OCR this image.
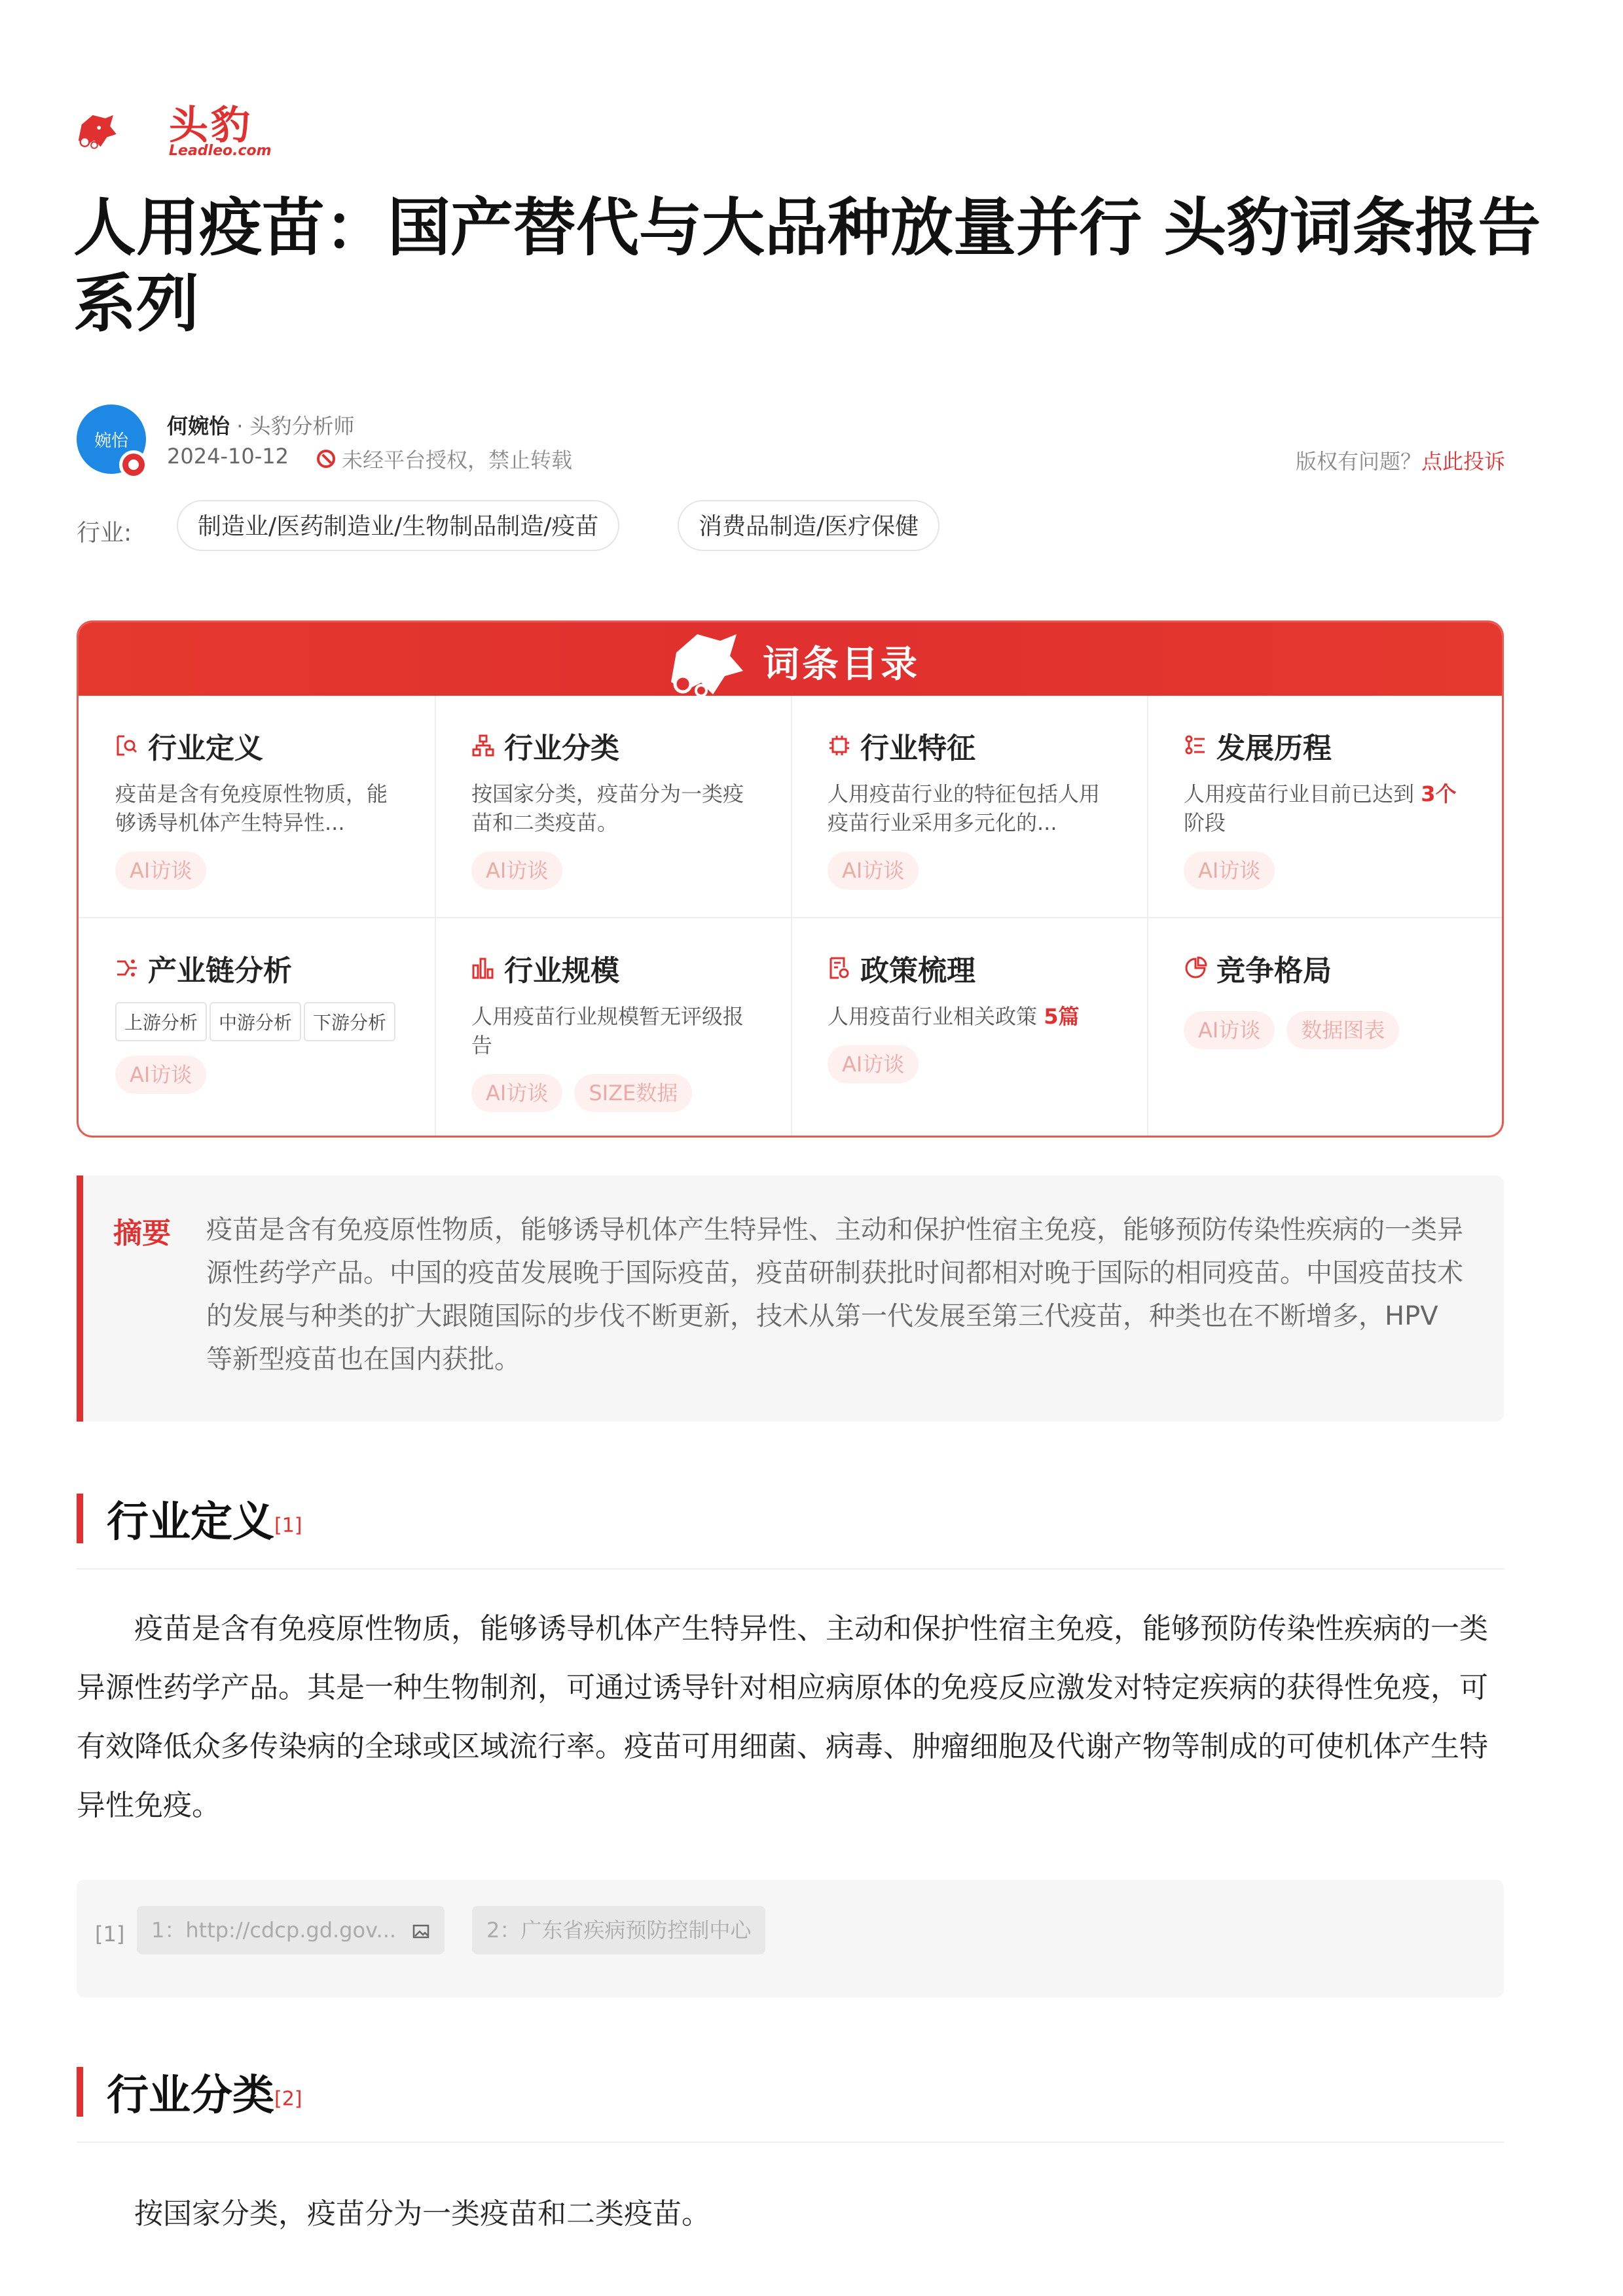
头豹
Leadleo.com
人用疫苗：国产替代与大品种放量并行 头豹词条报告系列
婉怡
何婉怡 · 头豹分析师
2024-10-12	未经平台授权，禁止转载	版权有问题？点此投诉
行业:	制造业/医药制造业/生物制品制造/疫苗	消费品制造/医疗保健
词条目录
行业定义
疫苗是含有免疫原性物质，能够诱导机体产生特异性...
AI访谈
行业分类
按国家分类，疫苗分为一类疫苗和二类疫苗。
AI访谈
行业特征
人用疫苗行业的特征包括人用疫苗行业采用多元化的...
AI访谈
发展历程
人用疫苗行业目前已达到 3个阶段
AI访谈
产业链分析
上游分析 中游分析 下游分析
AI访谈
行业规模
人用疫苗行业规模暂无评级报告
AI访谈 SIZE数据
政策梳理
人用疫苗行业相关政策 5篇
AI访谈
竞争格局
AI访谈 数据图表
摘要 疫苗是含有免疫原性物质，能够诱导机体产生特异性、主动和保护性宿主免疫，能够预防传染性疾病的一类异源性药学产品。中国的疫苗发展晚于国际疫苗，疫苗研制获批时间都相对晚于国际的相同疫苗。中国疫苗技术的发展与种类的扩大跟随国际的步伐不断更新，技术从第一代发展至第三代疫苗，种类也在不断增多，HPV等新型疫苗也在国内获批。
行业定义[1]
疫苗是含有免疫原性物质，能够诱导机体产生特异性、主动和保护性宿主免疫，能够预防传染性疾病的一类异源性药学产品。其是一种生物制剂，可通过诱导针对相应病原体的免疫反应激发对特定疾病的获得性免疫，可有效降低众多传染病的全球或区域流行率。疫苗可用细菌、病毒、肿瘤细胞及代谢产物等制成的可使机体产生特异性免疫。
[1]	1：http://cdcp.gd.gov...	2：广东省疾病预防控制中心
行业分类[2]
按国家分类，疫苗分为一类疫苗和二类疫苗。
